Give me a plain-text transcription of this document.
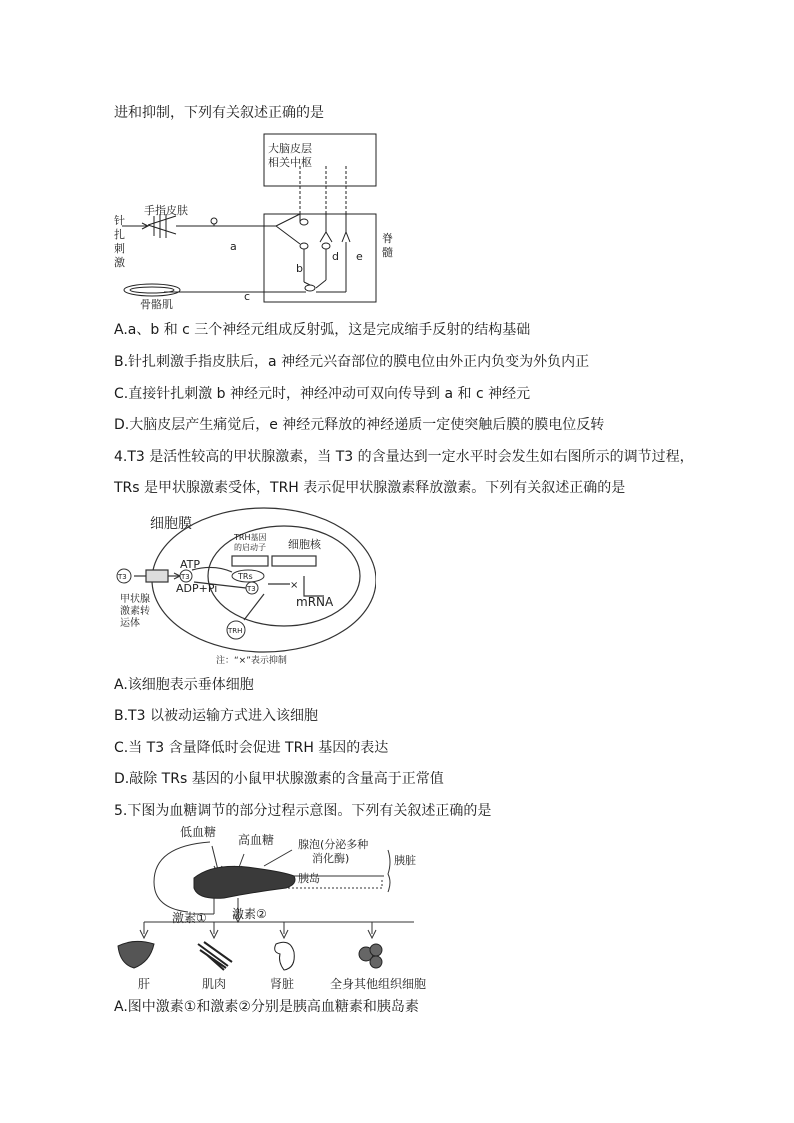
进和抑制，下列有关叙述正确的是
大脑皮层
相关中枢
手指皮肤
针
扎
刺
激
脊
髓
骨骼肌
a
b
c
d e
A.a、b 和 c 三个神经元组成反射弧，这是完成缩手反射的结构基础
B.针扎刺激手指皮肤后，a 神经元兴奋部位的膜电位由外正内负变为外负内正
C.直接针扎刺激 b 神经元时，神经冲动可双向传导到 a 和 c 神经元
D.大脑皮层产生痛觉后，e 神经元释放的神经递质一定使突触后膜的膜电位反转
4.T3 是活性较高的甲状腺激素，当 T3 的含量达到一定水平时会发生如右图所示的调节过程，
TRs 是甲状腺激素受体，TRH 表示促甲状腺激素释放激素。下列有关叙述正确的是
细胞膜
细胞核
TRH基因
的启动子
TRs
ATP
ADP+Pi
T3	T3
T3
TRH
mRNA
×
甲状腺
激素转
运体
注：“×”表示抑制
A.该细胞表示垂体细胞
B.T3 以被动运输方式进入该细胞
C.当 T3 含量降低时会促进 TRH 基因的表达
D.敲除 TRs 基因的小鼠甲状腺激素的含量高于正常值
5.下图为血糖调节的部分过程示意图。下列有关叙述正确的是
低血糖
高血糖 腺泡(分泌多种
消化酶)	胰脏
胰岛
激素① 激素②
肝	肌肉	肾脏	全身其他组织细胞
A.图中激素①和激素②分别是胰高血糖素和胰岛素
